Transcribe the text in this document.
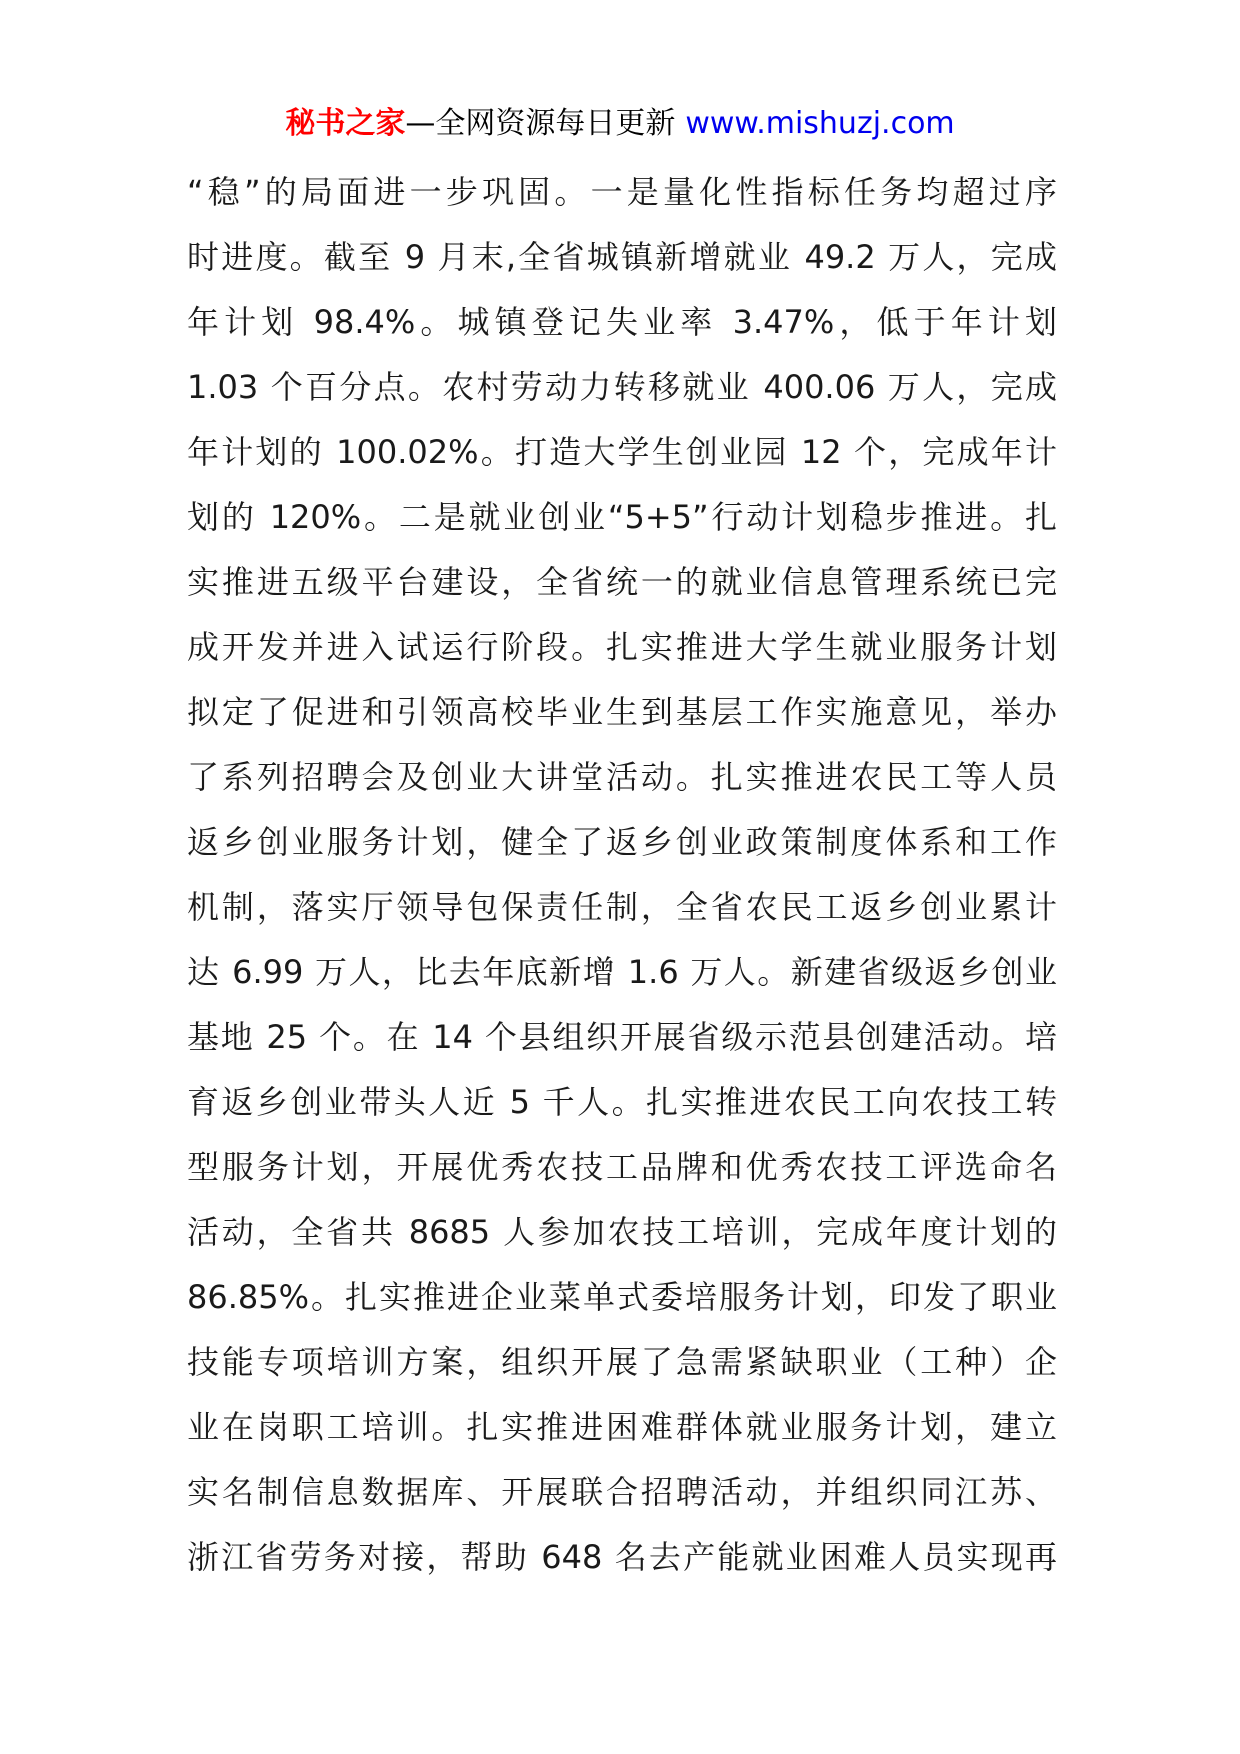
秘书之家—全网资源每日更新 www.mishuzj.com
“稳”的局面进一步巩固。一是量化性指标任务均超过序
时进度。截至 9 月末,全省城镇新增就业 49.2 万人，完成
年计划 98.4%。城镇登记失业率 3.47%，低于年计划
1.03 个百分点。农村劳动力转移就业 400.06 万人，完成
年计划的 100.02%。打造大学生创业园 12 个，完成年计
划的 120%。二是就业创业“5+5”行动计划稳步推进。扎
实推进五级平台建设，全省统一的就业信息管理系统已完
成开发并进入试运行阶段。扎实推进大学生就业服务计划
拟定了促进和引领高校毕业生到基层工作实施意见，举办
了系列招聘会及创业大讲堂活动。扎实推进农民工等人员
返乡创业服务计划，健全了返乡创业政策制度体系和工作
机制，落实厅领导包保责任制，全省农民工返乡创业累计
达 6.99 万人，比去年底新增 1.6 万人。新建省级返乡创业
基地 25 个。在 14 个县组织开展省级示范县创建活动。培
育返乡创业带头人近 5 千人。扎实推进农民工向农技工转
型服务计划，开展优秀农技工品牌和优秀农技工评选命名
活动，全省共 8685 人参加农技工培训，完成年度计划的
86.85%。扎实推进企业菜单式委培服务计划，印发了职业
技能专项培训方案，组织开展了急需紧缺职业（工种）企
业在岗职工培训。扎实推进困难群体就业服务计划，建立
实名制信息数据库、开展联合招聘活动，并组织同江苏、
浙江省劳务对接，帮助 648 名去产能就业困难人员实现再
